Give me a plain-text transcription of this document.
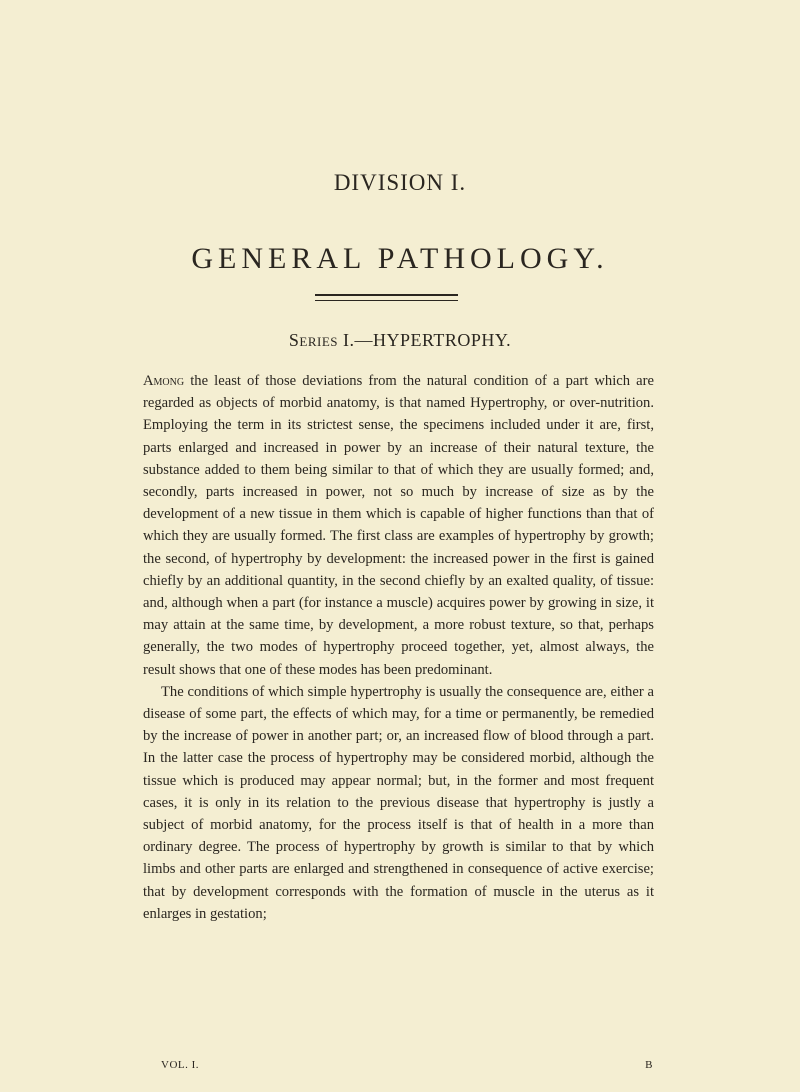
DIVISION I.
GENERAL PATHOLOGY.
Series I.—HYPERTROPHY.

Among the least of those deviations from the natural condition of a part which are regarded as objects of morbid anatomy, is that named Hypertrophy, or over-nutrition. Employing the term in its strictest sense, the specimens included under it are, first, parts enlarged and increased in power by an increase of their natural texture, the substance added to them being similar to that of which they are usually formed; and, secondly, parts increased in power, not so much by increase of size as by the development of a new tissue in them which is capable of higher functions than that of which they are usually formed. The first class are examples of hypertrophy by growth; the second, of hypertrophy by development: the increased power in the first is gained chiefly by an additional quantity, in the second chiefly by an exalted quality, of tissue: and, although when a part (for instance a muscle) acquires power by growing in size, it may attain at the same time, by development, a more robust texture, so that, perhaps generally, the two modes of hypertrophy proceed together, yet, almost always, the result shows that one of these modes has been predominant.

The conditions of which simple hypertrophy is usually the consequence are, either a disease of some part, the effects of which may, for a time or permanently, be remedied by the increase of power in another part; or, an increased flow of blood through a part. In the latter case the process of hypertrophy may be considered morbid, although the tissue which is produced may appear normal; but, in the former and most frequent cases, it is only in its relation to the previous disease that hypertrophy is justly a subject of morbid anatomy, for the process itself is that of health in a more than ordinary degree. The process of hypertrophy by growth is similar to that by which limbs and other parts are enlarged and strengthened in consequence of active exercise; that by development corresponds with the formation of muscle in the uterus as it enlarges in gestation;

VOL. I.	B
